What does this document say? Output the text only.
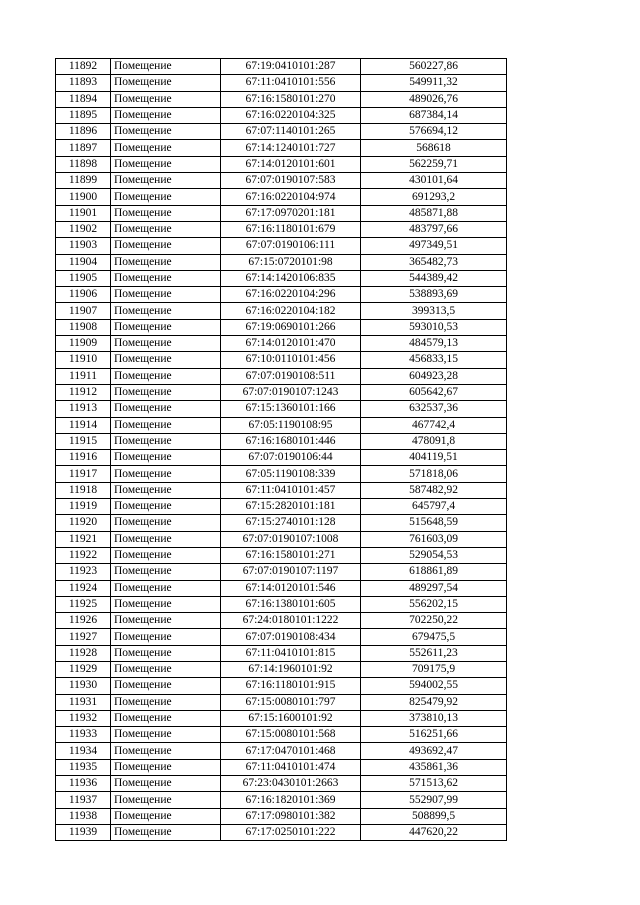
11892	Помещение	67:19:0410101:287	560227,86
11893	Помещение	67:11:0410101:556	549911,32
11894	Помещение	67:16:1580101:270	489026,76
11895	Помещение	67:16:0220104:325	687384,14
11896	Помещение	67:07:1140101:265	576694,12
11897	Помещение	67:14:1240101:727	568618
11898	Помещение	67:14:0120101:601	562259,71
11899	Помещение	67:07:0190107:583	430101,64
11900	Помещение	67:16:0220104:974	691293,2
11901	Помещение	67:17:0970201:181	485871,88
11902	Помещение	67:16:1180101:679	483797,66
11903	Помещение	67:07:0190106:111	497349,51
11904	Помещение	67:15:0720101:98	365482,73
11905	Помещение	67:14:1420106:835	544389,42
11906	Помещение	67:16:0220104:296	538893,69
11907	Помещение	67:16:0220104:182	399313,5
11908	Помещение	67:19:0690101:266	593010,53
11909	Помещение	67:14:0120101:470	484579,13
11910	Помещение	67:10:0110101:456	456833,15
11911	Помещение	67:07:0190108:511	604923,28
11912	Помещение	67:07:0190107:1243	605642,67
11913	Помещение	67:15:1360101:166	632537,36
11914	Помещение	67:05:1190108:95	467742,4
11915	Помещение	67:16:1680101:446	478091,8
11916	Помещение	67:07:0190106:44	404119,51
11917	Помещение	67:05:1190108:339	571818,06
11918	Помещение	67:11:0410101:457	587482,92
11919	Помещение	67:15:2820101:181	645797,4
11920	Помещение	67:15:2740101:128	515648,59
11921	Помещение	67:07:0190107:1008	761603,09
11922	Помещение	67:16:1580101:271	529054,53
11923	Помещение	67:07:0190107:1197	618861,89
11924	Помещение	67:14:0120101:546	489297,54
11925	Помещение	67:16:1380101:605	556202,15
11926	Помещение	67:24:0180101:1222	702250,22
11927	Помещение	67:07:0190108:434	679475,5
11928	Помещение	67:11:0410101:815	552611,23
11929	Помещение	67:14:1960101:92	709175,9
11930	Помещение	67:16:1180101:915	594002,55
11931	Помещение	67:15:0080101:797	825479,92
11932	Помещение	67:15:1600101:92	373810,13
11933	Помещение	67:15:0080101:568	516251,66
11934	Помещение	67:17:0470101:468	493692,47
11935	Помещение	67:11:0410101:474	435861,36
11936	Помещение	67:23:0430101:2663	571513,62
11937	Помещение	67:16:1820101:369	552907,99
11938	Помещение	67:17:0980101:382	508899,5
11939	Помещение	67:17:0250101:222	447620,22
